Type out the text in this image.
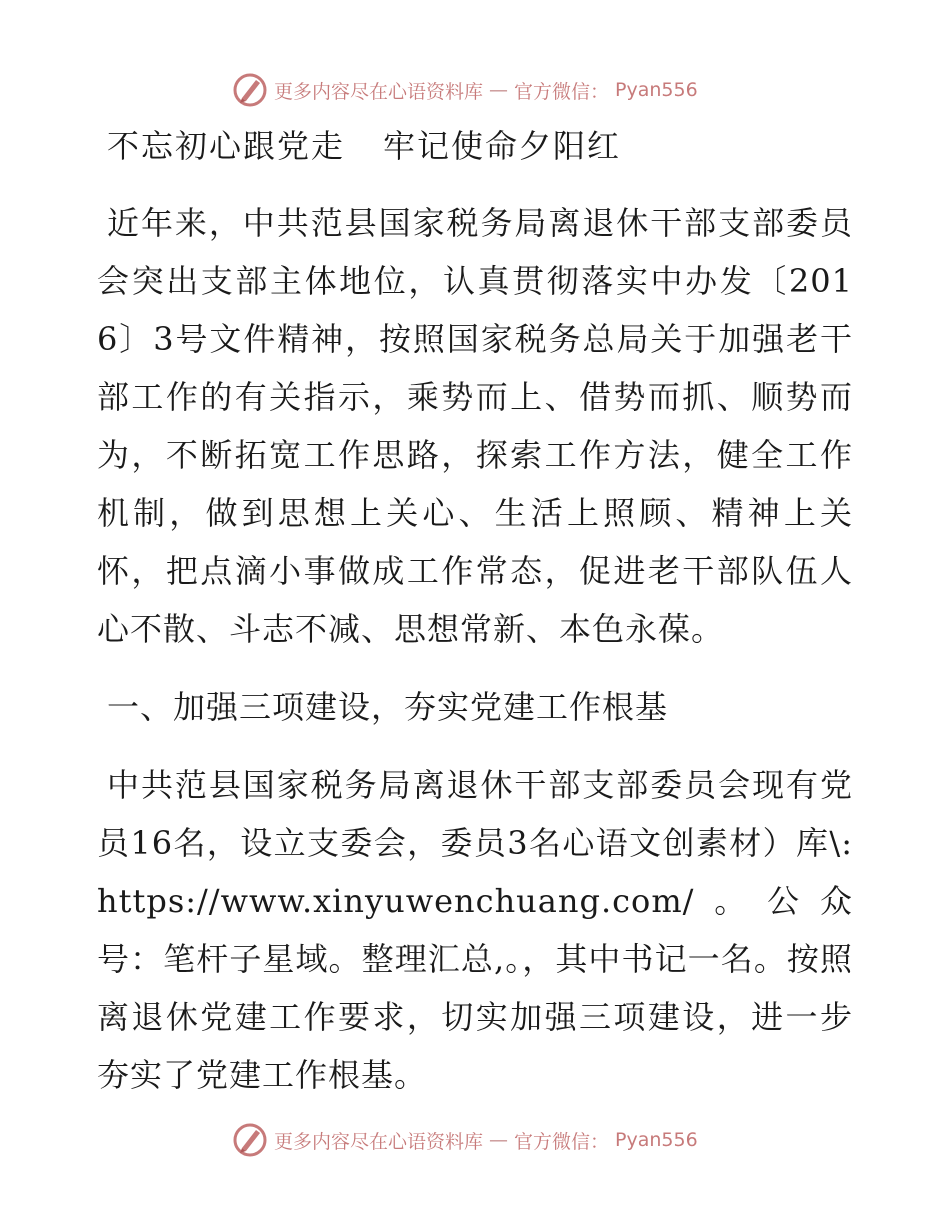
更多内容尽在心语资料库 — 官方微信： Pyan556
不忘初心跟党走 牢记使命夕阳红

近年来，中共范县国家税务局离退休干部支部委员会突出支部主体地位，认真贯彻落实中办发〔2016〕3号文件精神，按照国家税务总局关于加强老干部工作的有关指示，乘势而上、借势而抓、顺势而为，不断拓宽工作思路，探索工作方法，健全工作机制，做到思想上关心、生活上照顾、精神上关怀，把点滴小事做成工作常态，促进老干部队伍人心不散、斗志不减、思想常新、本色永葆。

一、加强三项建设，夯实党建工作根基

中共范县国家税务局离退休干部支部委员会现有党员16名，设立支委会，委员3名心语文创素材）库\: https://www.xinyuwenchuang.com/。公众号：笔杆子星域。整理汇总,。，其中书记一名。按照离退休党建工作要求，切实加强三项建设，进一步夯实了党建工作根基。

更多内容尽在心语资料库 — 官方微信： Pyan556
